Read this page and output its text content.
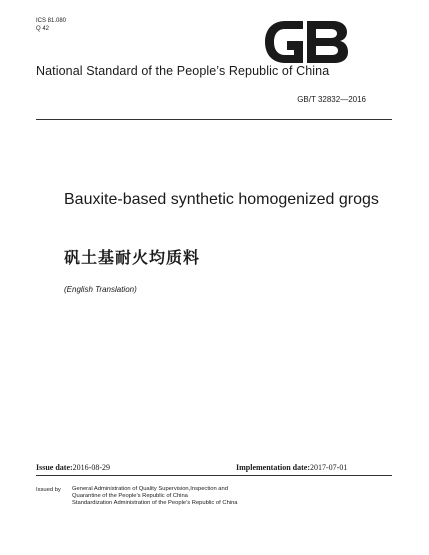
ICS 81.080
Q 42
National Standard of the People’s Republic of China
GB/T 32832—2016
Bauxite-based synthetic homogenized grogs
矾土基耐火均质料
(English Translation)
Issue date:2016-08-29	Implementation date:2017-07-01
Issued by General Administration of Quality Supervision,Inspection and
Quarantine of the People’s Republic of China
Standardization Administration of the People’s Republic of China
